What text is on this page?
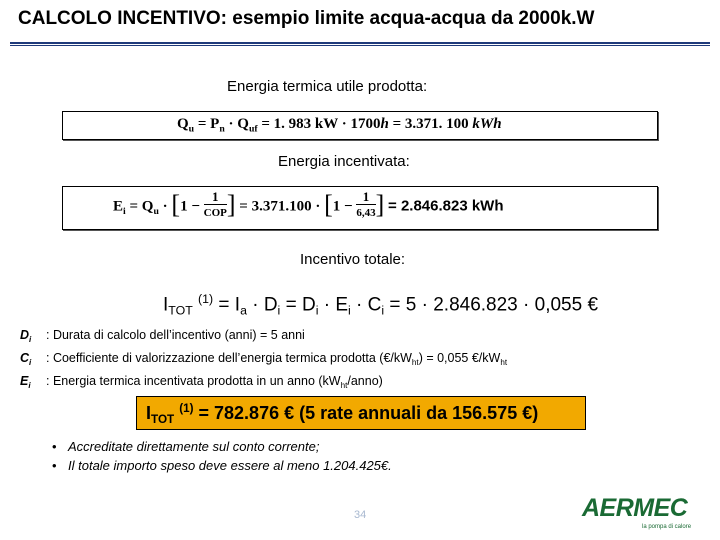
CALCOLO INCENTIVO: esempio limite acqua-acqua da 2000k.W
Energia termica utile prodotta:
$Q_u = P_n \cdot Q_{uf} = 1$. 983 kW · 1700h = 3.371. 100 kWh
Energia incentivata:
$E_i = Q_u \cdot [1 - \frac{1}{\text{COP}}$ ] = $3.371.100 \cdot [1 - \frac{1}{6,43}$ ] = 2.846.823 kWh
Incentivo totale:
$I_{TOT}$ $^{(1)} = I_a \cdot D_i = D_i \cdot E_i \cdot C_i = 5 \cdot 2.846.823 \cdot 0,055$ €
$D_i$ : Durata di calcolo dell’incentivo (anni) = 5 anni
$C_i$ : Coefficiente di valorizzazione dell’energia termica prodotta $(€/kW_{ht}) = 0,055$ $€/kW_{ht}$
$E_i$ : Energia termica incentivata prodotta in un anno $(kW_{ht}/anno)$
$I_{TOT}$ $^{(1)}$ = 782.876 € (5 rate annuali da 156.575 €)
• Accreditate direttamente sul conto corrente;
• Il totale importo speso deve essere al meno 1.204.425€.
34	AERMEC
la pompa di calore
